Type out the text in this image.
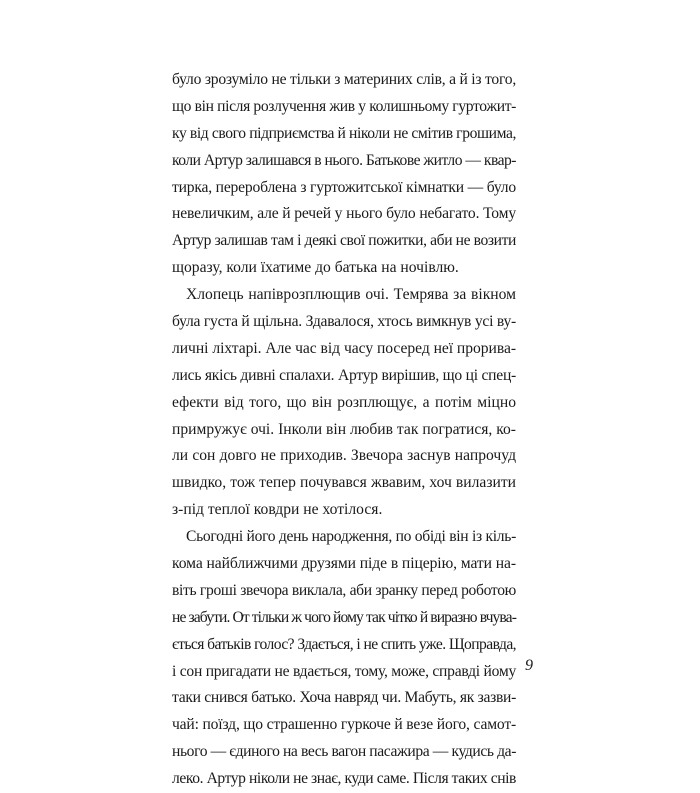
було зрозуміло не тільки з материних слів, а й із того,
що він після розлучення жив у колишньому гуртожит-
ку від свого підприємства й ніколи не смітив грошима,
коли Артур залишався в нього. Батькове житло — квар-
тирка, перероблена з гуртожитської кімнатки — було
невеличким, але й речей у нього було небагато. Тому
Артур залишав там і деякі свої пожитки, аби не возити
щоразу, коли їхатиме до батька на ночівлю.
Хлопець напіврозплющив очі. Темрява за вікном
була густа й щільна. Здавалося, хтось вимкнув усі ву-
личні ліхтарі. Але час від часу посеред неї прорива-
лись якісь дивні спалахи. Артур вирішив, що ці спец-
ефекти від того, що він розплющує, а потім міцно
примружує очі. Інколи він любив так погратися, ко-
ли сон довго не приходив. Звечора заснув напрочуд
швидко, тож тепер почувався жвавим, хоч вилазити
з-під теплої ковдри не хотілося.
Сьогодні його день народження, по обіді він із кіль-
кома найближчими друзями піде в піцерію, мати на-
віть гроші звечора виклала, аби зранку перед роботою
не забути. От тільки ж чого йому так чітко й виразно вчува-
ється батьків голос? Здається, і не спить уже. Щоправда,
і сон пригадати не вдається, тому, може, справді йому
таки снився батько. Хоча навряд чи. Мабуть, як зазви-
чай: поїзд, що страшенно гуркоче й везе його, самот-
нього — єдиного на весь вагон пасажира — кудись да-
леко. Артур ніколи не знає, куди саме. Після таких снів
9
